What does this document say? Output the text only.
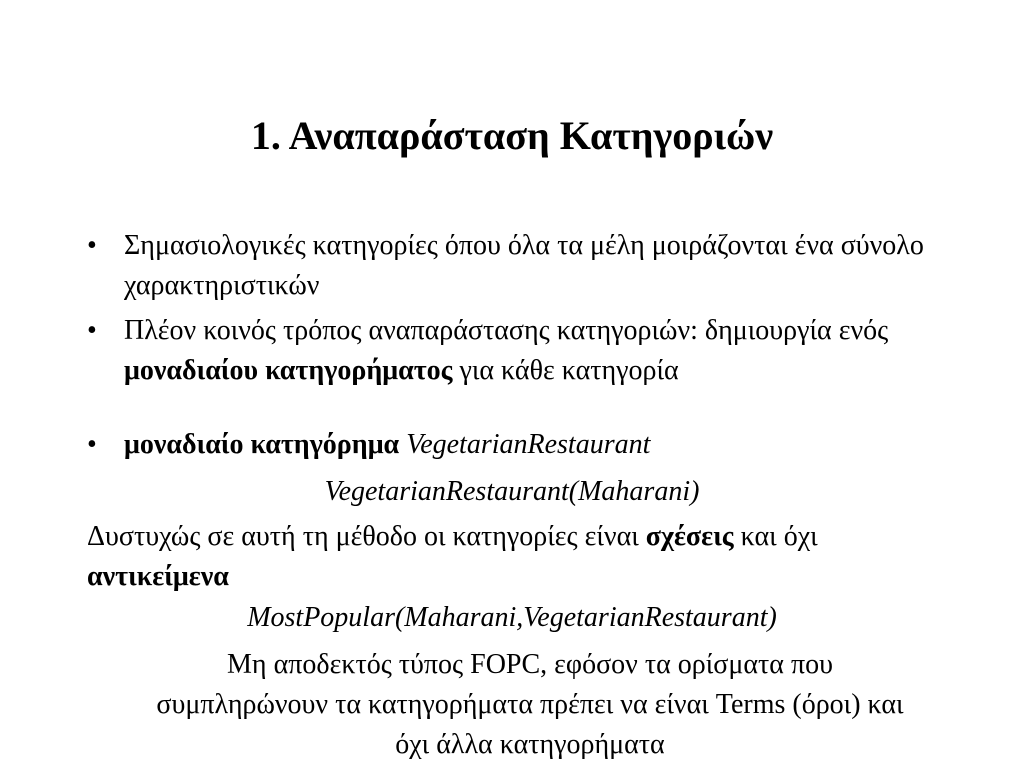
1. Αναπαράσταση Κατηγοριών
• Σημασιολογικές κατηγορίες όπου όλα τα μέλη μοιράζονται ένα σύνολο χαρακτηριστικών

• Πλέον κοινός τρόπος αναπαράστασης κατηγοριών: δημιουργία ενός μοναδιαίου κατηγορήματος για κάθε κατηγορία

• μοναδιαίο κατηγόρημα VegetarianRestaurant

VegetarianRestaurant(Maharani)

Δυστυχώς σε αυτή τη μέθοδο οι κατηγορίες είναι σχέσεις και όχι αντικείμενα

MostPopular(Maharani,VegetarianRestaurant)

Μη αποδεκτός τύπος FOPC, εφόσον τα ορίσματα που συμπληρώνουν τα κατηγορήματα πρέπει να είναι Terms (όροι) και όχι άλλα κατηγορήματα
